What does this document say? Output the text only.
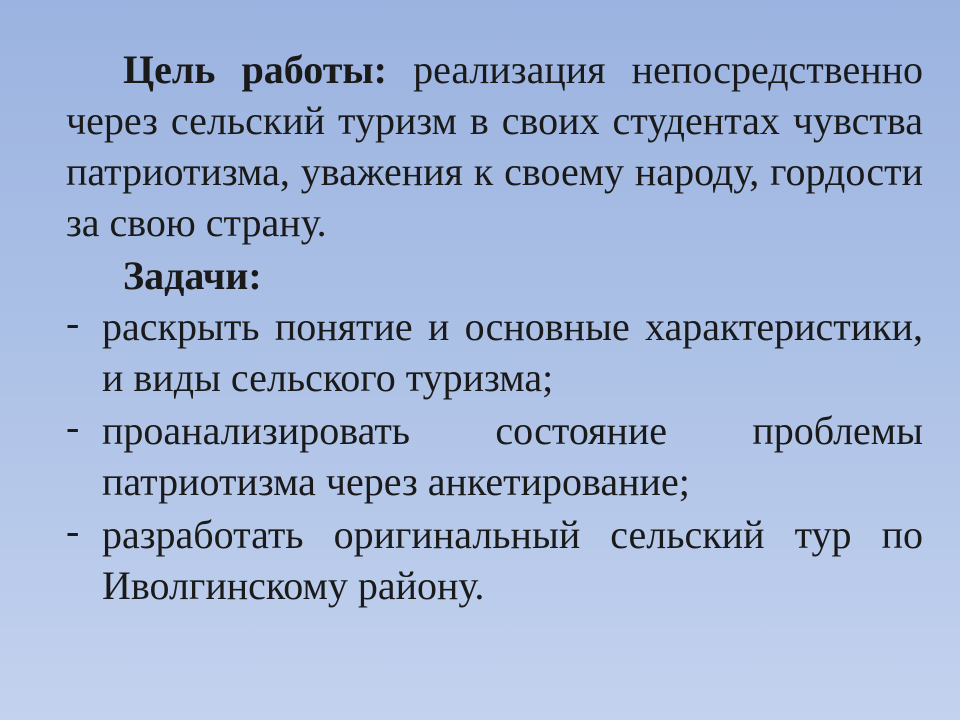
Цель работы: реализация непосредственно через сельский туризм в своих студентах чувства патриотизма, уважения к своему народу, гордости за свою страну.

Задачи:

- раскрыть понятие и основные характеристики, и виды сельского туризма;
- проанализировать состояние проблемы патриотизма через анкетирование;
- разработать оригинальный сельский тур по Иволгинскому району.
